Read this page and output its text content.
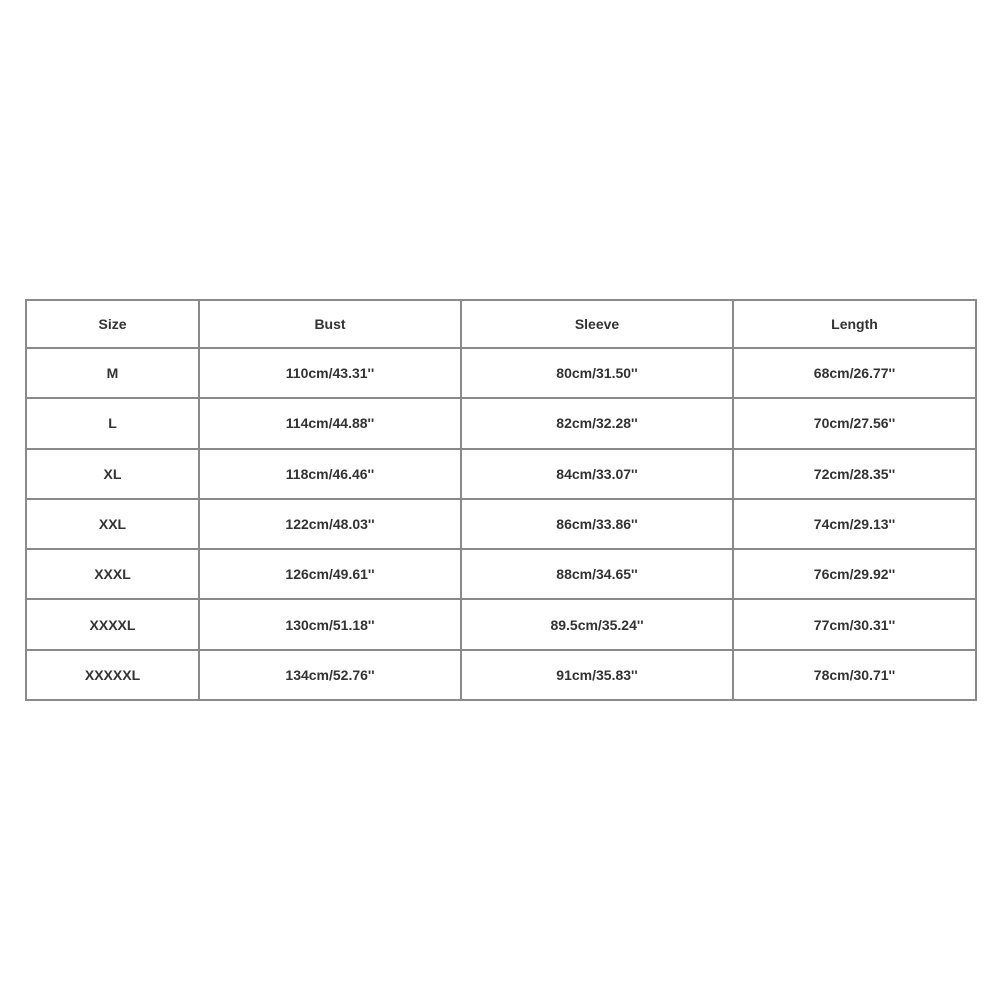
Size	Bust	Sleeve	Length
M	110cm/43.31''	80cm/31.50''	68cm/26.77''
L	114cm/44.88''	82cm/32.28''	70cm/27.56''
XL	118cm/46.46''	84cm/33.07''	72cm/28.35''
XXL	122cm/48.03''	86cm/33.86''	74cm/29.13''
XXXL	126cm/49.61''	88cm/34.65''	76cm/29.92''
XXXXL	130cm/51.18''	89.5cm/35.24''	77cm/30.31''
XXXXXL	134cm/52.76''	91cm/35.83''	78cm/30.71''
